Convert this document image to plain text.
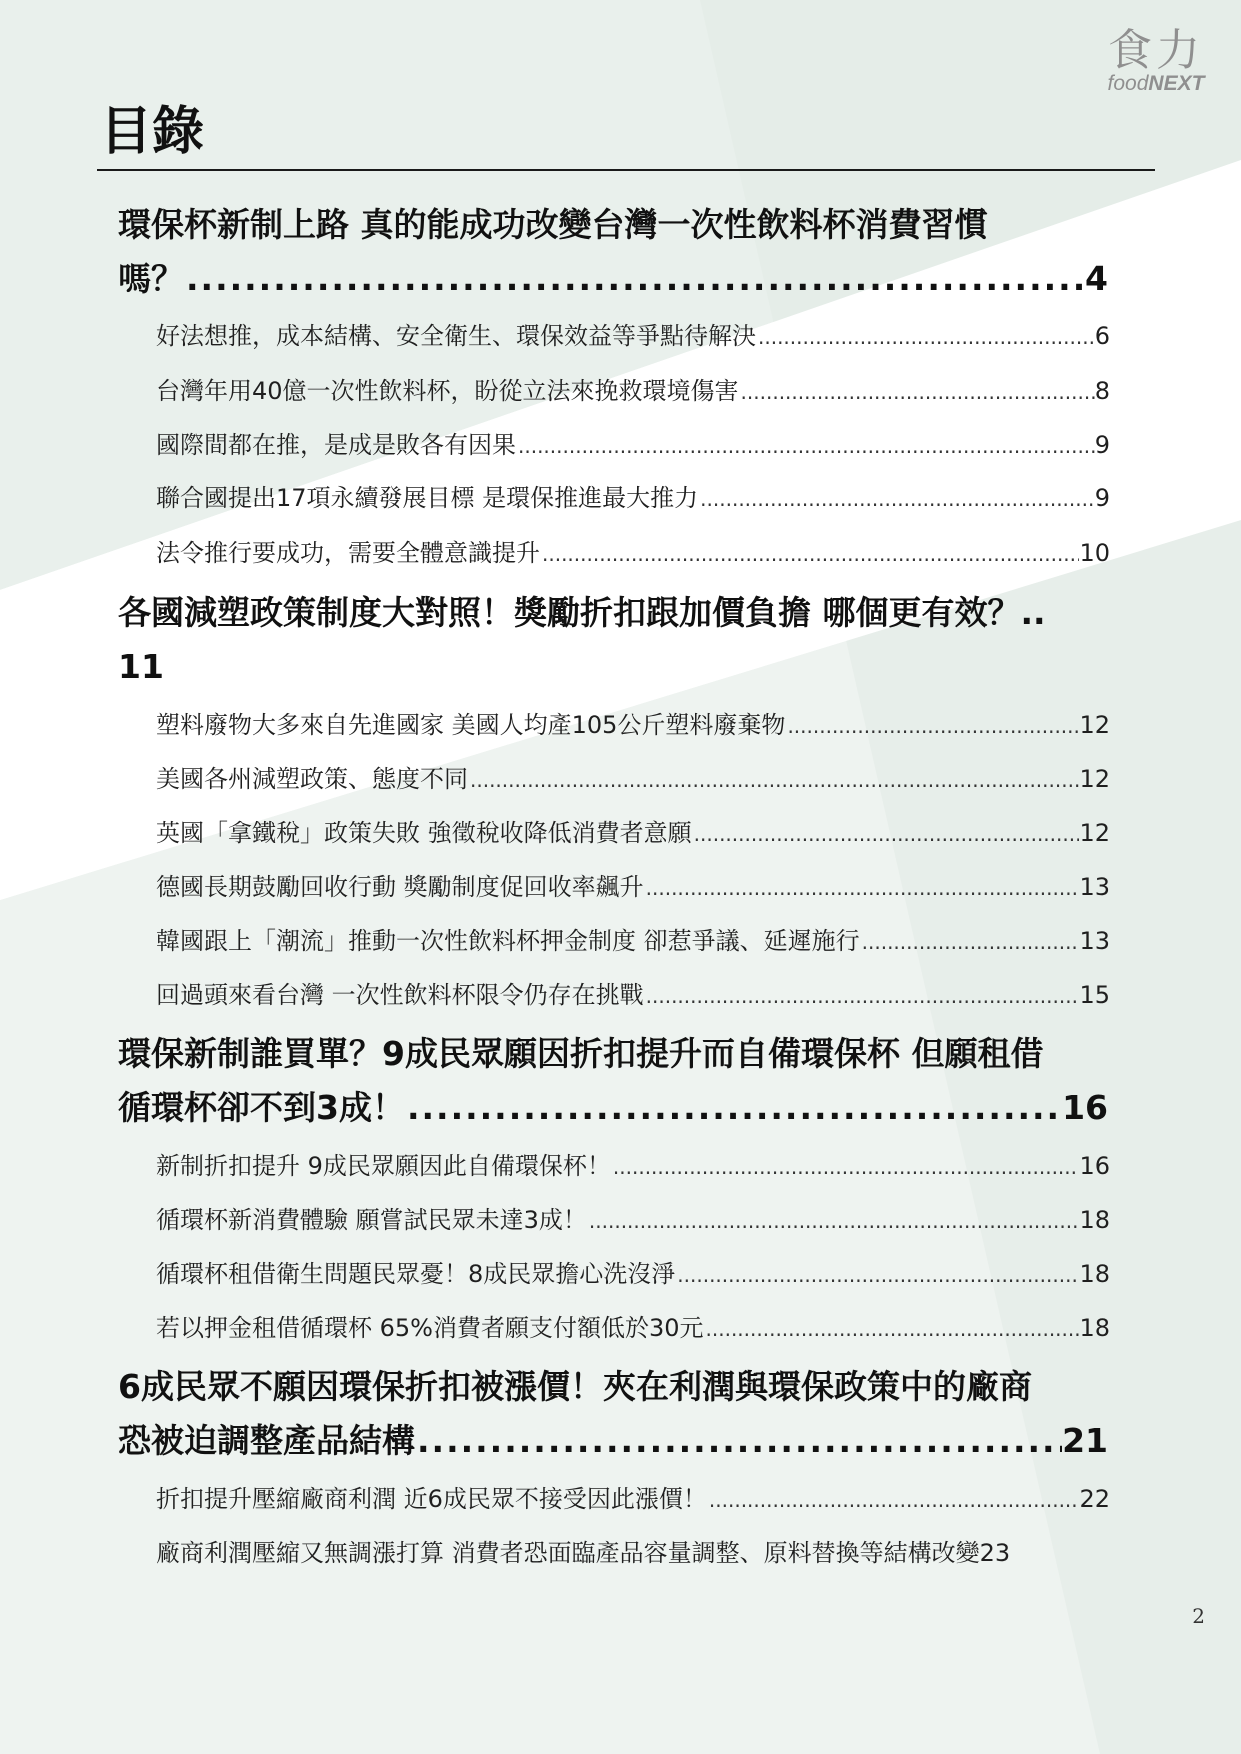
食力
foodNEXT
目錄
環保杯新制上路 真的能成功改變台灣一次性飲料杯消費習慣
嗎？ .....	4
好法想推，成本結構、安全衛生、環保效益等爭點待解決 .....	6
台灣年用40億一次性飲料杯，盼從立法來挽救環境傷害 .....	8
國際間都在推，是成是敗各有因果 .....	9
聯合國提出17項永續發展目標 是環保推進最大推力 .....	9
法令推行要成功，需要全體意識提升 .....	10
各國減塑政策制度大對照！獎勵折扣跟加價負擔 哪個更有效？..
11
塑料廢物大多來自先進國家 美國人均產105公斤塑料廢棄物 .....	12
美國各州減塑政策、態度不同 .....	12
英國「拿鐵稅」政策失敗 強徵稅收降低消費者意願 .....	12
德國長期鼓勵回收行動 獎勵制度促回收率飆升 .....	13
韓國跟上「潮流」推動一次性飲料杯押金制度 卻惹爭議、延遲施行 .....	13
回過頭來看台灣 一次性飲料杯限令仍存在挑戰 .....	15
環保新制誰買單？9成民眾願因折扣提升而自備環保杯 但願租借
循環杯卻不到3成！ .....	16
新制折扣提升 9成民眾願因此自備環保杯！ .....	16
循環杯新消費體驗 願嘗試民眾未達3成！ .....	18
循環杯租借衛生問題民眾憂！8成民眾擔心洗沒淨 .....	18
若以押金租借循環杯 65%消費者願支付額低於30元 .....	18
6成民眾不願因環保折扣被漲價！夾在利潤與環保政策中的廠商
恐被迫調整產品結構 .....	21
折扣提升壓縮廠商利潤 近6成民眾不接受因此漲價！ .....	22
廠商利潤壓縮又無調漲打算 消費者恐面臨產品容量調整、原料替換等結構改變 23
2
